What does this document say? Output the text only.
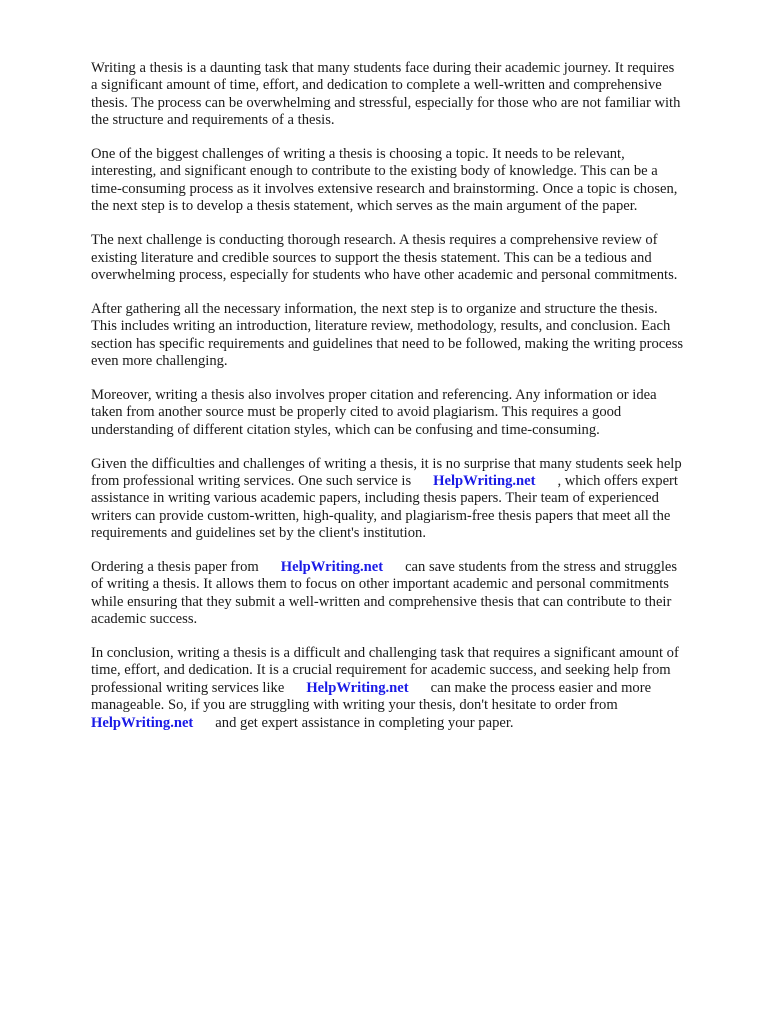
Writing a thesis is a daunting task that many students face during their academic journey. It requires
a significant amount of time, effort, and dedication to complete a well-written and comprehensive
thesis. The process can be overwhelming and stressful, especially for those who are not familiar with
the structure and requirements of a thesis.

One of the biggest challenges of writing a thesis is choosing a topic. It needs to be relevant,
interesting, and significant enough to contribute to the existing body of knowledge. This can be a
time-consuming process as it involves extensive research and brainstorming. Once a topic is chosen,
the next step is to develop a thesis statement, which serves as the main argument of the paper.

The next challenge is conducting thorough research. A thesis requires a comprehensive review of
existing literature and credible sources to support the thesis statement. This can be a tedious and
overwhelming process, especially for students who have other academic and personal commitments.

After gathering all the necessary information, the next step is to organize and structure the thesis.
This includes writing an introduction, literature review, methodology, results, and conclusion. Each
section has specific requirements and guidelines that need to be followed, making the writing process
even more challenging.

Moreover, writing a thesis also involves proper citation and referencing. Any information or idea
taken from another source must be properly cited to avoid plagiarism. This requires a good
understanding of different citation styles, which can be confusing and time-consuming.

Given the difficulties and challenges of writing a thesis, it is no surprise that many students seek help
from professional writing services. One such service is HelpWriting.net , which offers expert
assistance in writing various academic papers, including thesis papers. Their team of experienced
writers can provide custom-written, high-quality, and plagiarism-free thesis papers that meet all the
requirements and guidelines set by the client's institution.

Ordering a thesis paper from HelpWriting.net can save students from the stress and struggles
of writing a thesis. It allows them to focus on other important academic and personal commitments
while ensuring that they submit a well-written and comprehensive thesis that can contribute to their
academic success.

In conclusion, writing a thesis is a difficult and challenging task that requires a significant amount of
time, effort, and dedication. It is a crucial requirement for academic success, and seeking help from
professional writing services like HelpWriting.net can make the process easier and more
manageable. So, if you are struggling with writing your thesis, don't hesitate to order from
HelpWriting.net and get expert assistance in completing your paper.
